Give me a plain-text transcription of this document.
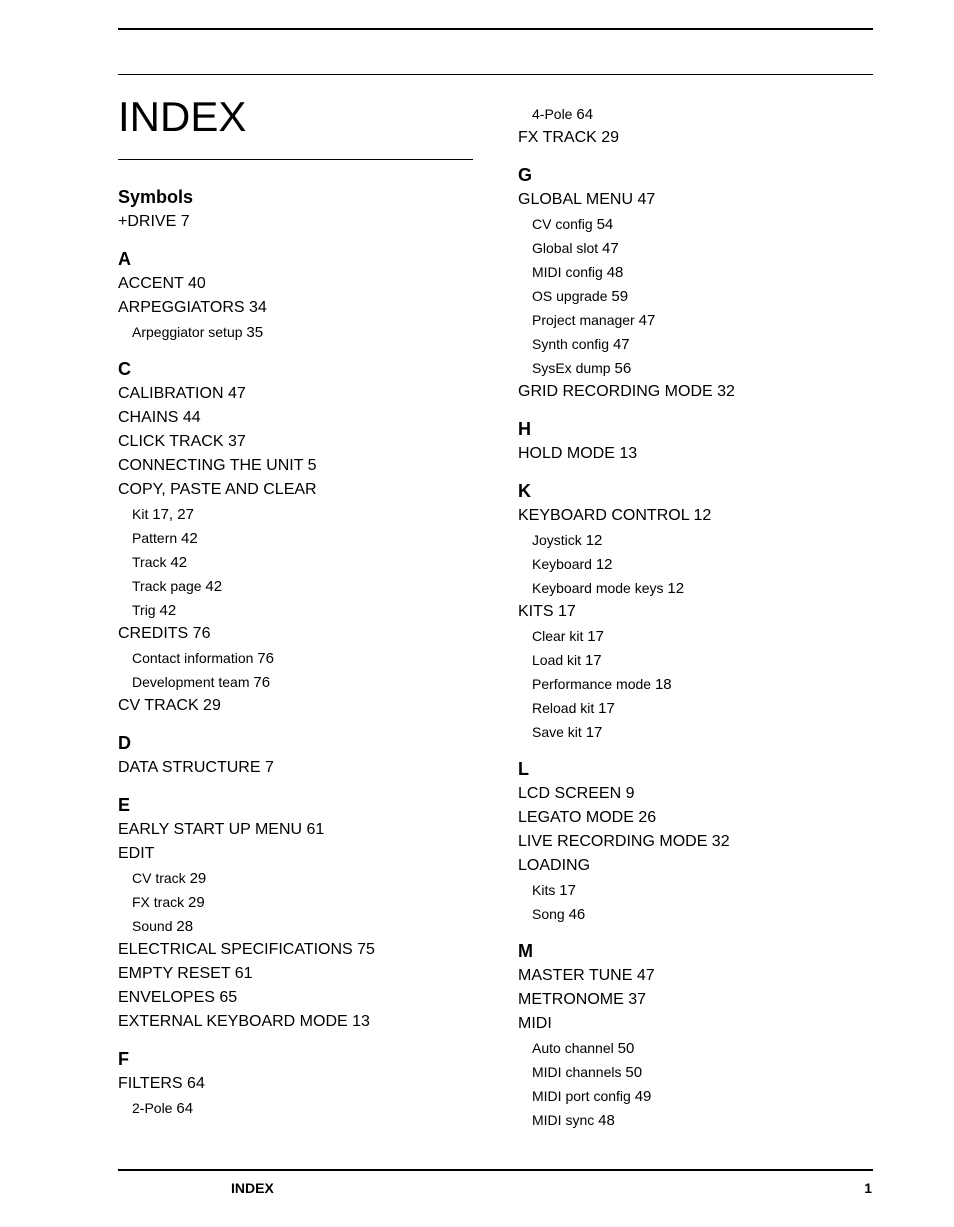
INDEX
Symbols
+DRIVE 7
A
ACCENT 40
ARPEGGIATORS 34
Arpeggiator setup 35
C
CALIBRATION 47
CHAINS 44
CLICK TRACK 37
CONNECTING THE UNIT 5
COPY, PASTE AND CLEAR
Kit 17, 27
Pattern 42
Track 42
Track page 42
Trig 42
CREDITS 76
Contact information 76
Development team 76
CV TRACK 29
D
DATA STRUCTURE 7
E
EARLY START UP MENU 61
EDIT
CV track 29
FX track 29
Sound 28
ELECTRICAL SPECIFICATIONS 75
EMPTY RESET 61
ENVELOPES 65
EXTERNAL KEYBOARD MODE 13
F
FILTERS 64
2-Pole 64
4-Pole 64
FX TRACK 29
G
GLOBAL MENU 47
CV config 54
Global slot 47
MIDI config 48
OS upgrade 59
Project manager 47
Synth config 47
SysEx dump 56
GRID RECORDING MODE 32
H
HOLD MODE 13
K
KEYBOARD CONTROL 12
Joystick 12
Keyboard 12
Keyboard mode keys 12
KITS 17
Clear kit 17
Load kit 17
Performance mode 18
Reload kit 17
Save kit 17
L
LCD SCREEN 9
LEGATO MODE 26
LIVE RECORDING MODE 32
LOADING
Kits 17
Song 46
M
MASTER TUNE 47
METRONOME 37
MIDI
Auto channel 50
MIDI channels 50
MIDI port config 49
MIDI sync 48
INDEX	1
